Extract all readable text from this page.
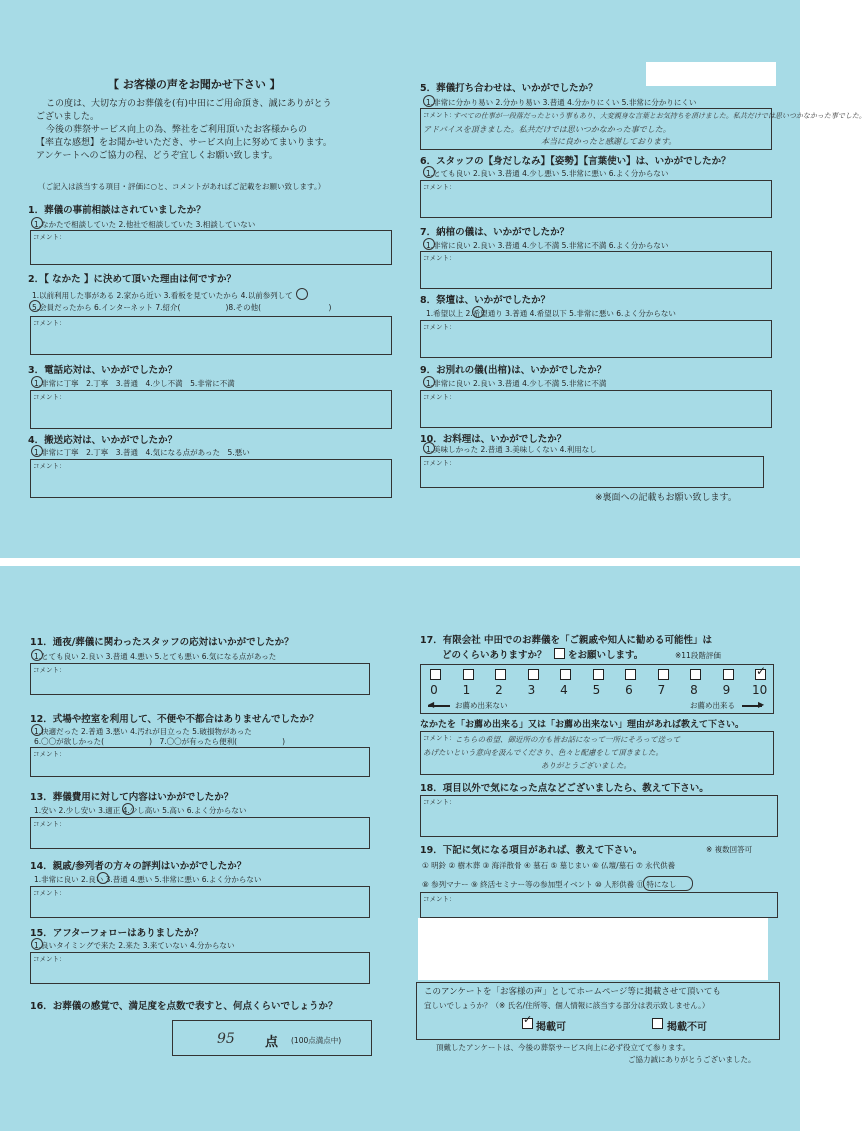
【 お客様の声をお聞かせ下さい 】
この度は、大切な方のお葬儀を(有)中田にご用命頂き、誠にありがとう
ございました。
今後の葬祭サービス向上の為、弊社をご利用頂いたお客様からの
【率直な感想】をお聞かせいただき、サービス向上に努めてまいります。
アンケートへのご協力の程、どうぞ宜しくお願い致します。
（ご記入は該当する項目・評価に○と、コメントがあればご記載をお願い致します。）
1．葬儀の事前相談はされていましたか？
1.なかたで相談していた 2.他社で相談していた 3.相談していない
コメント：
2．【 なかた 】に決めて頂いた理由は何ですか？
1.以前利用した事がある 2.家から近い 3.看板を見ていたから 4.以前参列して
5.会員だったから 6.インターネット 7.紹介(　　　　　　)8.その他(　　　　　　　　　)
コメント：
3．電話応対は、いかがでしたか？
1.非常に丁寧　2.丁寧　3.普通　4.少し不満　5.非常に不満
コメント：
4．搬送応対は、いかがでしたか？
1.非常に丁寧　2.丁寧　3.普通　4.気になる点があった　5.悪い
コメント：
5．葬儀打ち合わせは、いかがでしたか？
1.非常に分かり易い 2.分かり易い 3.普通 4.分かりにくい 5.非常に分かりにくい
コメント：
すべての仕事が一段落だったという事もあり、大変親身な言葉とお気持ちを頂けました。私共だけでは思いつかなかった事でした。
アドバイスを頂きました。私共だけでは思いつかなかった事でした。
本当に良かったと感謝しております。
6．スタッフの【身だしなみ】【姿勢】【言葉使い】は、いかがでしたか？
1.とても良い 2.良い 3.普通 4.少し悪い 5.非常に悪い 6.よく分からない
コメント：
7．納棺の儀は、いかがでしたか？
1.非常に良い 2.良い 3.普通 4.少し不満 5.非常に不満 6.よく分からない
コメント：
8．祭壇は、いかがでしたか？
1.希望以上 2.希望通り 3.普通 4.希望以下 5.非常に悪い 6.よく分からない
コメント：
9．お別れの儀(出棺)は、いかがでしたか？
1.非常に良い 2.良い 3.普通 4.少し不満 5.非常に不満
コメント：
10．お料理は、いかがでしたか？
1.美味しかった 2.普通 3.美味しくない 4.利用なし
コメント：
※裏面への記載もお願い致します。
11．通夜/葬儀に関わったスタッフの応対はいかがでしたか？
1.とても良い 2.良い 3.普通 4.悪い 5.とても悪い 6.気になる点があった
コメント：
12．式場や控室を利用して、不便や不都合はありませんでしたか？
1.快適だった 2.普通 3.悪い 4.汚れが目立った 5.破損物があった
6.〇〇が欲しかった(　　　　　　)　7.〇〇が有ったら便利(　　　　　　)
コメント：
13．葬儀費用に対して内容はいかがでしたか？
1.安い 2.少し安い 3.適正 4.少し高い 5.高い 6.よく分からない
コメント：
14．親戚/参列者の方々の評判はいかがでしたか？
1.非常に良い 2.良い 3.普通 4.悪い 5.非常に悪い 6.よく分からない
コメント：
15．アフターフォローはありましたか？
1.良いタイミングで来た 2.来た 3.来ていない 4.分からない
コメント：
16．お葬儀の感覚で、満足度を点数で表すと、何点くらいでしょうか？
95 点 (100点満点中)
17．有限会社 中田でのお葬儀を「ご親戚や知人に勧める可能性」は
どのくらいありますか？ をお願いします。	※11段階評価
◀	お薦め出来ない	お薦め出来る	▶
なかたを「お薦め出来る」又は「お薦め出来ない」理由があれば教えて下さい。
コメント： こちらの希望、御近所の方も皆お話になって一所にそろって送って
あげたいという意向を汲んでくださり、色々と配慮をして頂きました。
ありがとうございました。
18．項目以外で気になった点などございましたら、教えて下さい。
コメント：
19．下記に気になる項目があれば、教えて下さい。	※ 複数回答可
① 明鈴 ② 樹木葬 ③ 海洋散骨 ④ 墓石 ⑤ 墓じまい ⑥ 仏壇/墓石 ⑦ 永代供養
⑧ 参列マナー ⑨ 終活セミナー等の参加型イベント ⑩ 人形供養 ⑪ 特になし
コメント：
このアンケートを「お客様の声」としてホームページ等に掲載させて頂いても
宜しいでしょうか？（※ 氏名/住所等、個人情報に該当する部分は表示致しません。）
✓
掲載可	掲載不可
頂戴したアンケートは、今後の葬祭サービス向上に必ず役立てて参ります。
ご協力誠にありがとうございました。
0 1 2 3 4 5 6 7 8 9
✓
10
